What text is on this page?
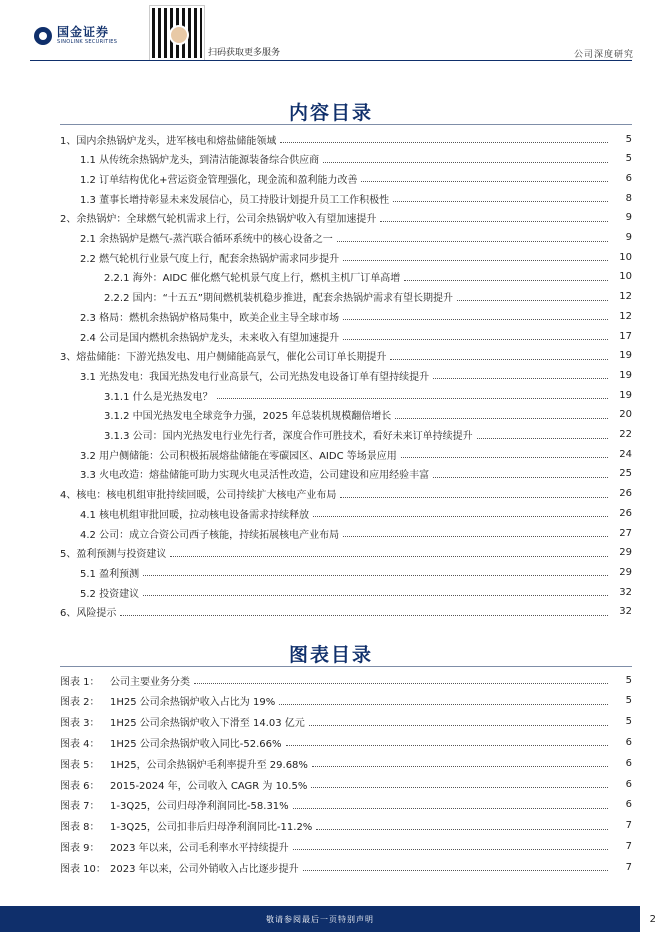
国金证券
SINOLINK SECURITIES
扫码获取更多服务	公司深度研究
内容目录
1、国内余热锅炉龙头，进军核电和熔盐储能领域	5
1.1 从传统余热锅炉龙头，到清洁能源装备综合供应商	5
1.2 订单结构优化+营运资金管理强化，现金流和盈利能力改善	6
1.3 董事长增持彰显未来发展信心，员工持股计划提升员工工作积极性	8
2、余热锅炉：全球燃气轮机需求上行，公司余热锅炉收入有望加速提升	9
2.1 余热锅炉是燃气-蒸汽联合循环系统中的核心设备之一	9
2.2 燃气轮机行业景气度上行，配套余热锅炉需求同步提升	10
2.2.1 海外：AIDC 催化燃气轮机景气度上行，燃机主机厂订单高增	10
2.2.2 国内：“十五五”期间燃机装机稳步推进，配套余热锅炉需求有望长期提升	12
2.3 格局：燃机余热锅炉格局集中，欧美企业主导全球市场	12
2.4 公司是国内燃机余热锅炉龙头，未来收入有望加速提升	17
3、熔盐储能：下游光热发电、用户侧储能高景气，催化公司订单长期提升	19
3.1 光热发电：我国光热发电行业高景气，公司光热发电设备订单有望持续提升	19
3.1.1 什么是光热发电？	19
3.1.2 中国光热发电全球竞争力强，2025 年总装机规模翻倍增长	20
3.1.3 公司：国内光热发电行业先行者，深度合作可胜技术，看好未来订单持续提升	22
3.2 用户侧储能：公司积极拓展熔盐储能在零碳园区、AIDC 等场景应用	24
3.3 火电改造：熔盐储能可助力实现火电灵活性改造，公司建设和应用经验丰富	25
4、核电：核电机组审批持续回暖，公司持续扩大核电产业布局	26
4.1 核电机组审批回暖，拉动核电设备需求持续释放	26
4.2 公司：成立合资公司西子核能，持续拓展核电产业布局	27
5、盈利预测与投资建议	29
5.1 盈利预测	29
5.2 投资建议	32
6、风险提示	32
图表目录
图表 1：	公司主要业务分类	5
图表 2：	1H25 公司余热锅炉收入占比为 19%	5
图表 3：	1H25 公司余热锅炉收入下滑至 14.03 亿元	5
图表 4：	1H25 公司余热锅炉收入同比-52.66%	6
图表 5：	1H25，公司余热锅炉毛利率提升至 29.68%	6
图表 6：	2015-2024 年，公司收入 CAGR 为 10.5%	6
图表 7：	1-3Q25，公司归母净利润同比-58.31%	6
图表 8：	1-3Q25，公司扣非后归母净利润同比-11.2%	7
图表 9：	2023 年以来，公司毛利率水平持续提升	7
图表 10： 2023 年以来，公司外销收入占比逐步提升	7
敬请参阅最后一页特别声明	2
